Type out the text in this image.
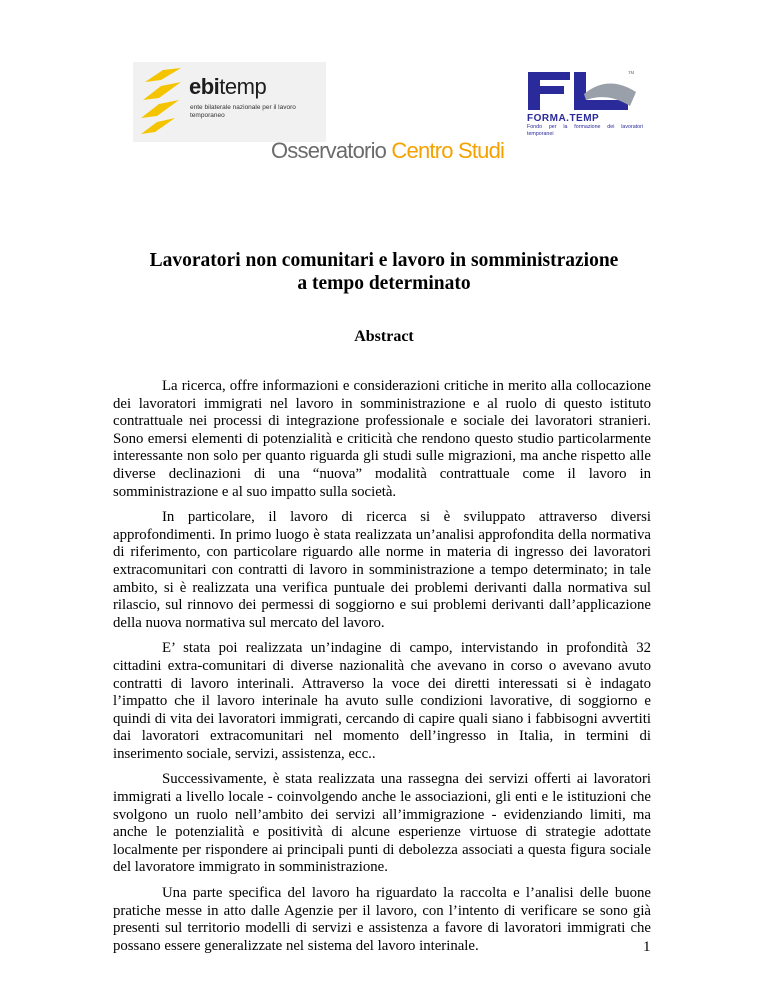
ebitemp
ente bilaterale nazionale per il lavoro temporaneo
TM
FORMA.TEMP
Fondo per la formazione dei lavoratori temporanei
Osservatorio Centro Studi
Lavoratori non comunitari e lavoro in somministrazione
a tempo determinato
Abstract

La ricerca, offre informazioni e considerazioni critiche in merito alla collocazione dei lavoratori immigrati nel lavoro in somministrazione e al ruolo di questo istituto contrattuale nei processi di integrazione professionale e sociale dei lavoratori stranieri. Sono emersi elementi di potenzialità e criticità che rendono questo studio particolarmente interessante non solo per quanto riguarda gli studi sulle migrazioni, ma anche rispetto alle diverse declinazioni di una “nuova” modalità contrattuale come il lavoro in somministrazione e al suo impatto sulla società.

In particolare, il lavoro di ricerca si è sviluppato attraverso diversi approfondimenti. In primo luogo è stata realizzata un’analisi approfondita della normativa di riferimento, con particolare riguardo alle norme in materia di ingresso dei lavoratori extracomunitari con contratti di lavoro in somministrazione a tempo determinato; in tale ambito, si è realizzata una verifica puntuale dei problemi derivanti dalla normativa sul rilascio, sul rinnovo dei permessi di soggiorno e sui problemi derivanti dall’applicazione della nuova normativa sul mercato del lavoro.

E’ stata poi realizzata un’indagine di campo, intervistando in profondità 32 cittadini extra-comunitari di diverse nazionalità che avevano in corso o avevano avuto contratti di lavoro interinali. Attraverso la voce dei diretti interessati si è indagato l’impatto che il lavoro interinale ha avuto sulle condizioni lavorative, di soggiorno e quindi di vita dei lavoratori immigrati, cercando di capire quali siano i fabbisogni avvertiti dai lavoratori extracomunitari nel momento dell’ingresso in Italia, in termini di inserimento sociale, servizi, assistenza, ecc..

Successivamente, è stata realizzata una rassegna dei servizi offerti ai lavoratori immigrati a livello locale - coinvolgendo anche le associazioni, gli enti e le istituzioni che svolgono un ruolo nell’ambito dei servizi all’immigrazione - evidenziando limiti, ma anche le potenzialità e positività di alcune esperienze virtuose di strategie adottate localmente per rispondere ai principali punti di debolezza associati a questa figura sociale del lavoratore immigrato in somministrazione.

Una parte specifica del lavoro ha riguardato la raccolta e l’analisi delle buone pratiche messe in atto dalle Agenzie per il lavoro, con l’intento di verificare se sono già presenti sul territorio modelli di servizi e assistenza a favore di lavoratori immigrati che possano essere generalizzate nel sistema del lavoro interinale.	1
